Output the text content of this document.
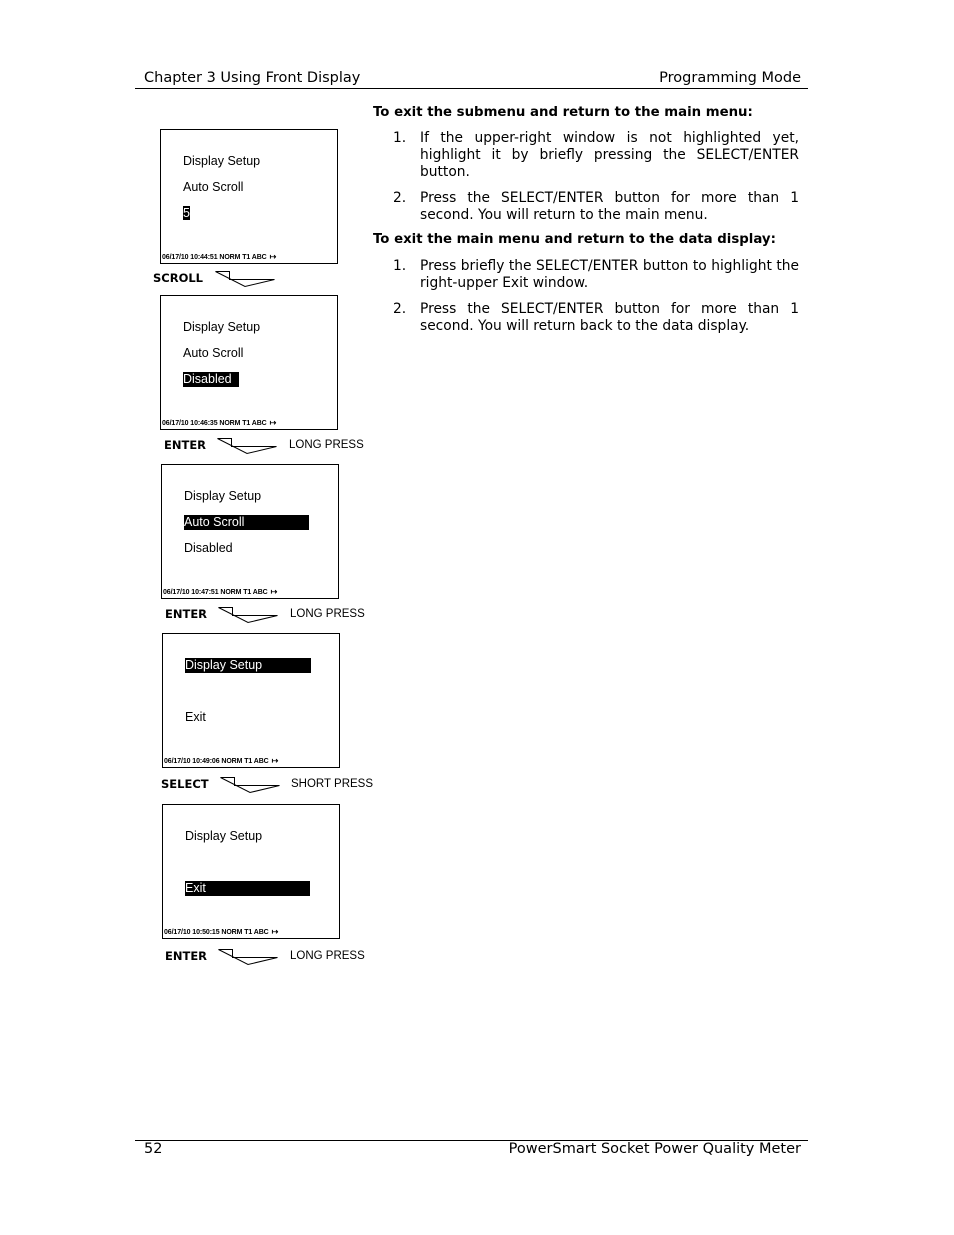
Chapter 3 Using Front Display	Programming Mode
To exit the submenu and return to the main menu:
1. If the upper-right window is not highlighted yet, highlight it by briefly pressing the SELECT/ENTER button.
2. Press the SELECT/ENTER button for more than 1 second. You will return to the main menu.
To exit the main menu and return to the data display:
1. Press briefly the SELECT/ENTER button to highlight the right-upper Exit window.
2. Press the SELECT/ENTER button for more than 1 second. You will return back to the data display.
Display Setup
Auto Scroll
5
06/17/10 10:44:51 NORM T1 ABC ↦
SCROLL
Display Setup
Auto Scroll
Disabled
06/17/10 10:46:35 NORM T1 ABC ↦
ENTER	LONG PRESS
Display Setup
Auto Scroll
Disabled
06/17/10 10:47:51 NORM T1 ABC ↦
ENTER	LONG PRESS
Display Setup
Exit
06/17/10 10:49:06 NORM T1 ABC ↦
SELECT	SHORT PRESS
Display Setup
Exit
06/17/10 10:50:15 NORM T1 ABC ↦
ENTER	LONG PRESS
52	PowerSmart Socket Power Quality Meter
